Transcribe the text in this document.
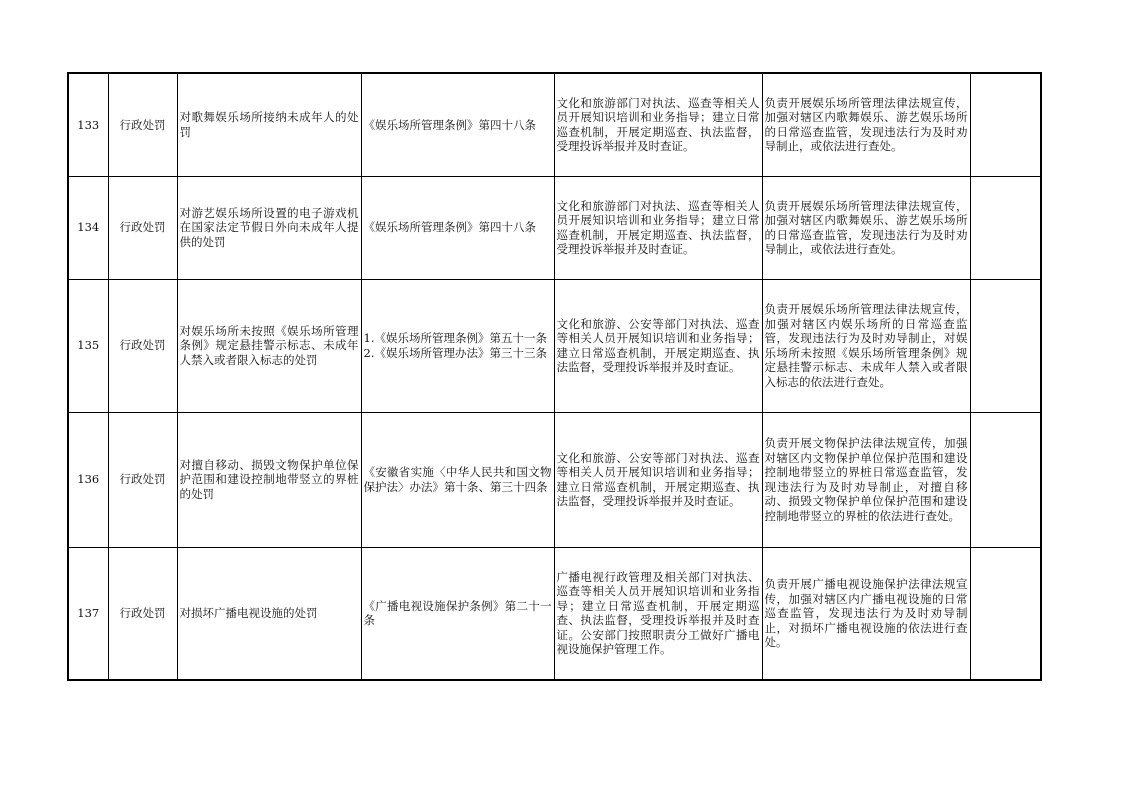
133	行政处罚	对歌舞娱乐场所接纳未成年人的处罚	《娱乐场所管理条例》第四十八条	文化和旅游部门对执法、巡查等相关人员开展知识培训和业务指导；建立日常巡查机制，开展定期巡查、执法监督，受理投诉举报并及时查证。	负责开展娱乐场所管理法律法规宣传，加强对辖区内歌舞娱乐、游艺娱乐场所的日常巡查监管，发现违法行为及时劝导制止，或依法进行查处。	
134	行政处罚	对游艺娱乐场所设置的电子游戏机在国家法定节假日外向未成年人提供的处罚	《娱乐场所管理条例》第四十八条	文化和旅游部门对执法、巡查等相关人员开展知识培训和业务指导；建立日常巡查机制，开展定期巡查、执法监督，受理投诉举报并及时查证。	负责开展娱乐场所管理法律法规宣传，加强对辖区内歌舞娱乐、游艺娱乐场所的日常巡查监管，发现违法行为及时劝导制止，或依法进行查处。	
135	行政处罚	对娱乐场所未按照《娱乐场所管理条例》规定悬挂警示标志、未成年人禁入或者限入标志的处罚	1.《娱乐场所管理条例》第五十一条
2.《娱乐场所管理办法》第三十三条	文化和旅游、公安等部门对执法、巡查等相关人员开展知识培训和业务指导；建立日常巡查机制，开展定期巡查、执法监督，受理投诉举报并及时查证。	负责开展娱乐场所管理法律法规宣传，加强对辖区内娱乐场所的日常巡查监管，发现违法行为及时劝导制止，对娱乐场所未按照《娱乐场所管理条例》规定悬挂警示标志、未成年人禁入或者限入标志的依法进行查处。	
136	行政处罚	对擅自移动、损毁文物保护单位保护范围和建设控制地带竖立的界桩的处罚	《安徽省实施〈中华人民共和国文物保护法〉办法》第十条、第三十四条	文化和旅游、公安等部门对执法、巡查等相关人员开展知识培训和业务指导；建立日常巡查机制，开展定期巡查、执法监督，受理投诉举报并及时查证。	负责开展文物保护法律法规宣传，加强对辖区内文物保护单位保护范围和建设控制地带竖立的界桩日常巡查监管，发现违法行为及时劝导制止，对擅自移动、损毁文物保护单位保护范围和建设控制地带竖立的界桩的依法进行查处。	
137	行政处罚	对损坏广播电视设施的处罚	《广播电视设施保护条例》第二十一条	广播电视行政管理及相关部门对执法、巡查等相关人员开展知识培训和业务指导；建立日常巡查机制，开展定期巡查、执法监督，受理投诉举报并及时查证。公安部门按照职责分工做好广播电视设施保护管理工作。	负责开展广播电视设施保护法律法规宣传，加强对辖区内广播电视设施的日常巡查监管，发现违法行为及时劝导制止，对损坏广播电视设施的依法进行查处。	
